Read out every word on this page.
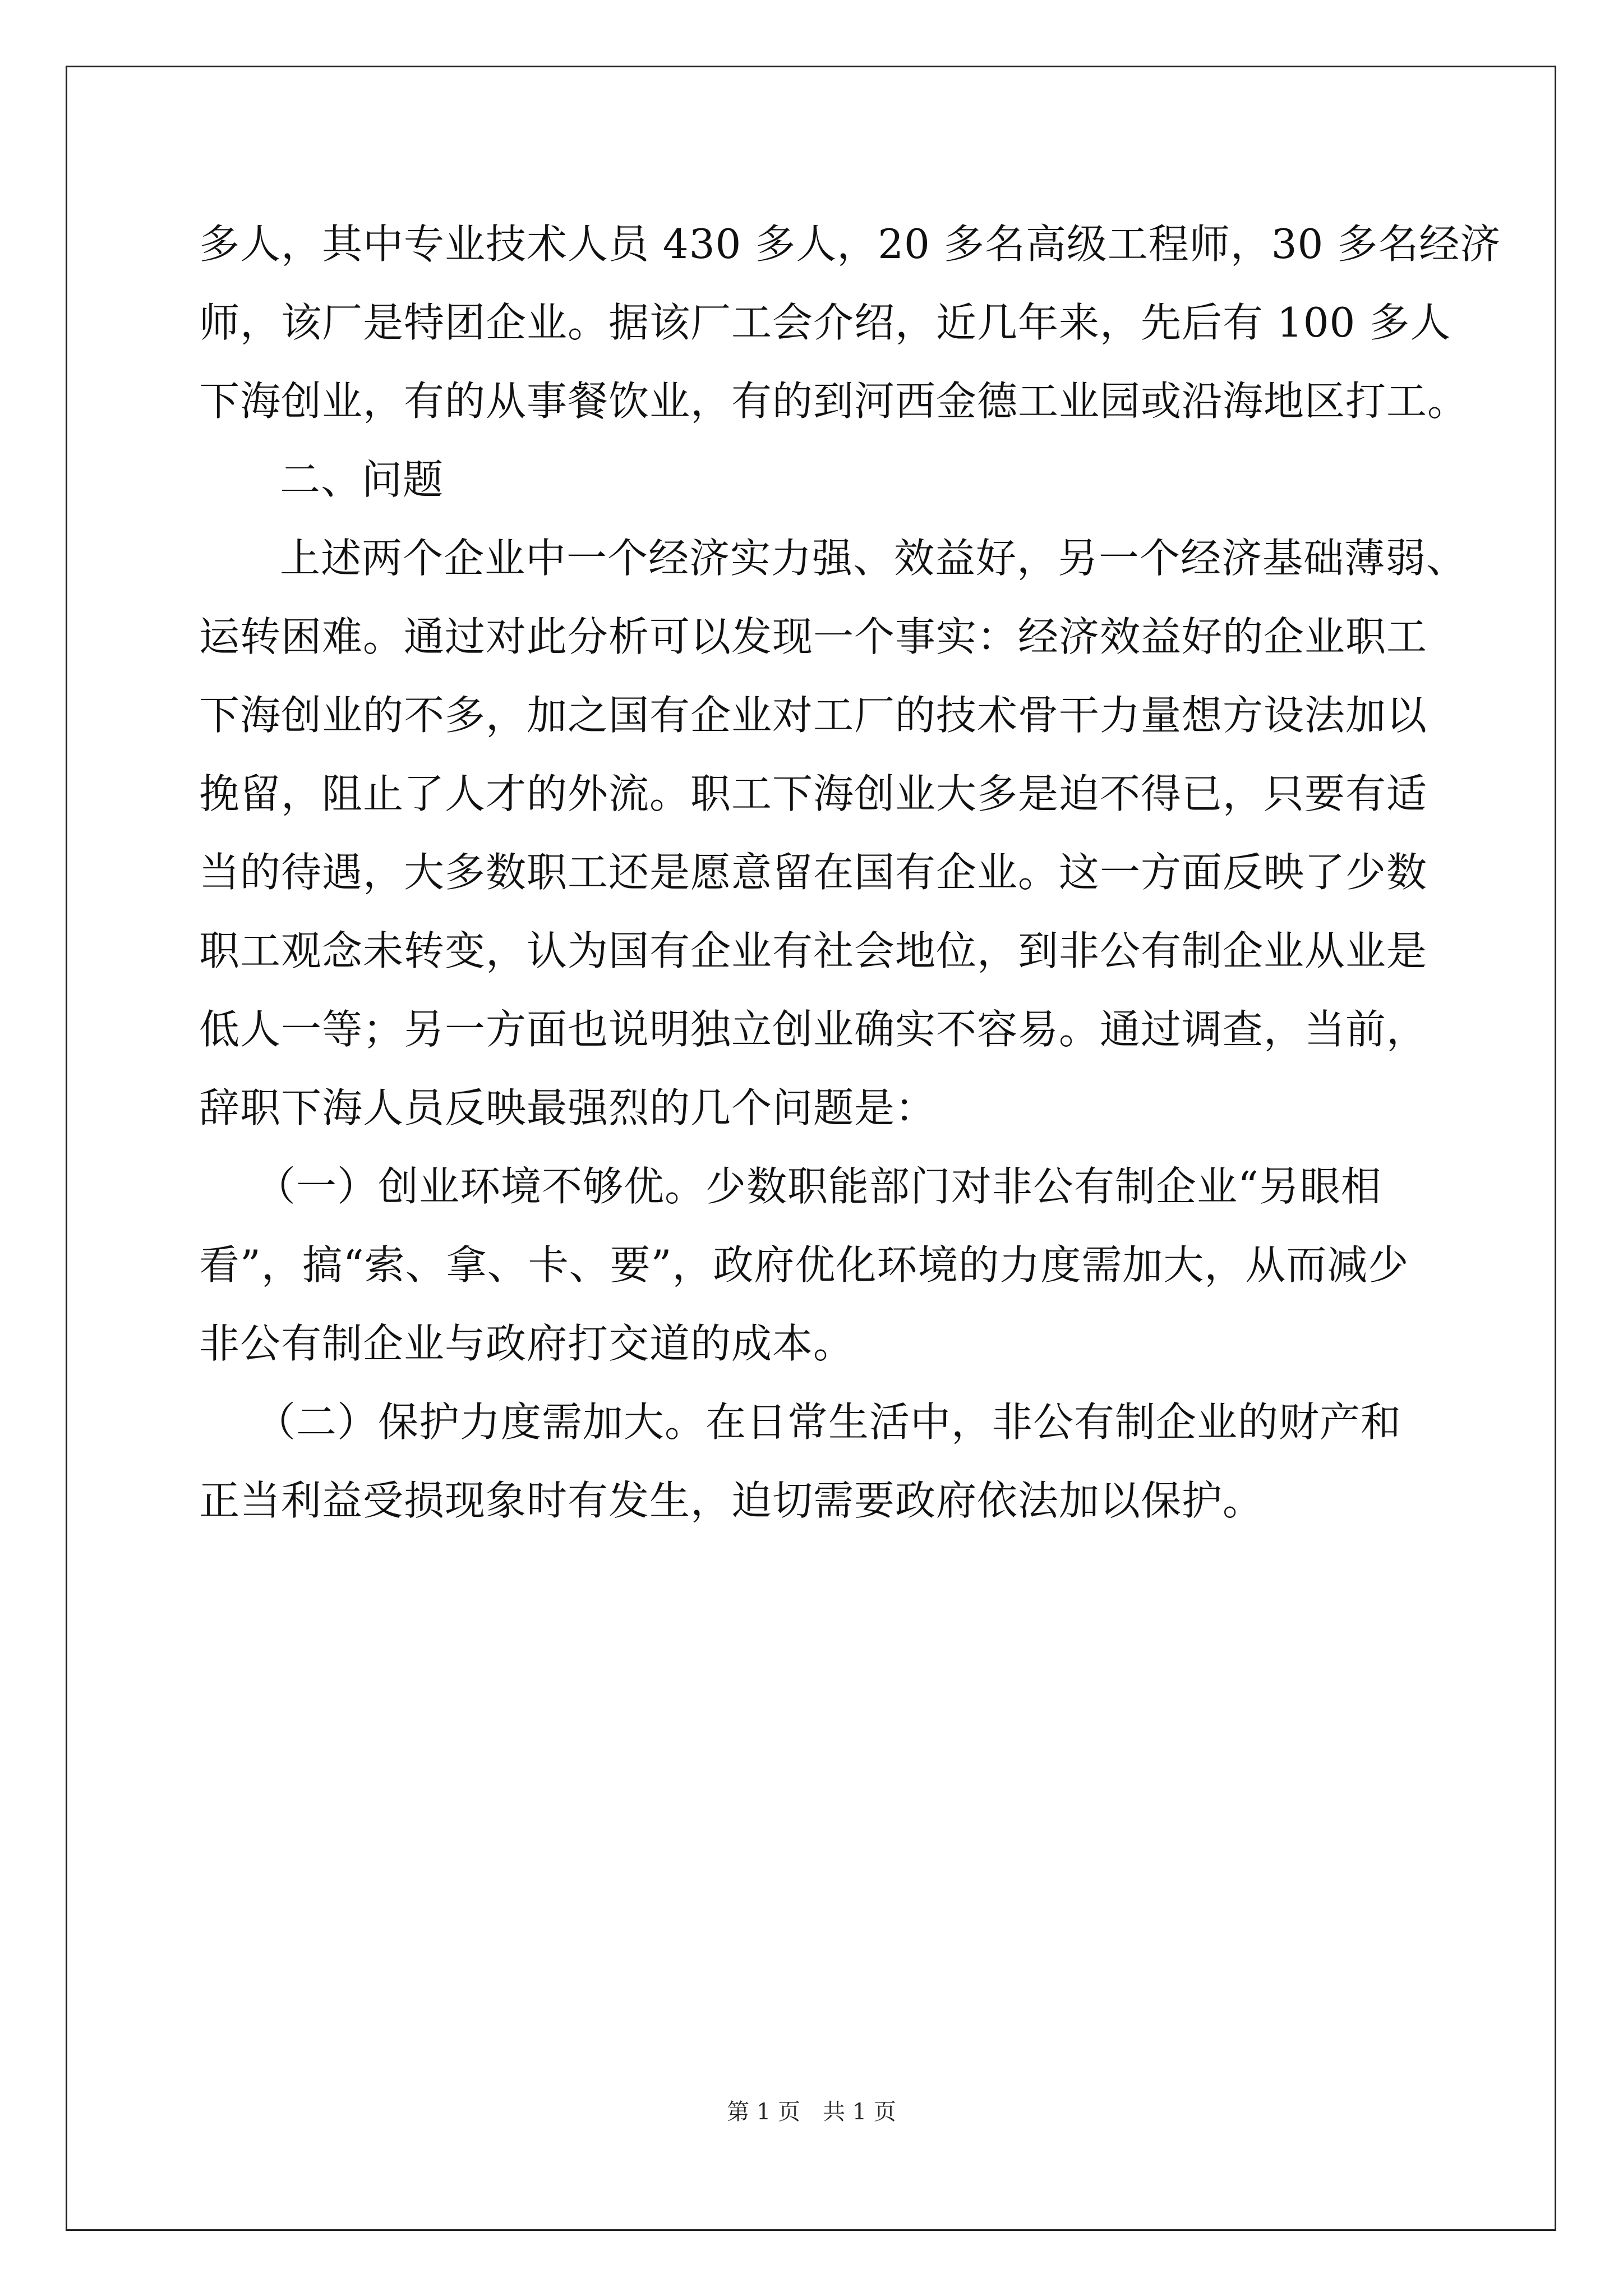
多人，其中专业技术人员 430 多人，20 多名高级工程师，30 多名经济
师，该厂是特团企业。据该厂工会介绍，近几年来，先后有 100 多人
下海创业，有的从事餐饮业，有的到河西金德工业园或沿海地区打工。
二、问题
上述两个企业中一个经济实力强、效益好，另一个经济基础薄弱、
运转困难。通过对此分析可以发现一个事实：经济效益好的企业职工
下海创业的不多，加之国有企业对工厂的技术骨干力量想方设法加以
挽留，阻止了人才的外流。职工下海创业大多是迫不得已，只要有适
当的待遇，大多数职工还是愿意留在国有企业。这一方面反映了少数
职工观念未转变，认为国有企业有社会地位，到非公有制企业从业是
低人一等；另一方面也说明独立创业确实不容易。通过调查，当前，
辞职下海人员反映最强烈的几个问题是：
（一）创业环境不够优。少数职能部门对非公有制企业“另眼相
看”，搞“索、拿、卡、要”，政府优化环境的力度需加大，从而减少
非公有制企业与政府打交道的成本。
（二）保护力度需加大。在日常生活中，非公有制企业的财产和
正当利益受损现象时有发生，迫切需要政府依法加以保护。
第 1 页　共 1 页
